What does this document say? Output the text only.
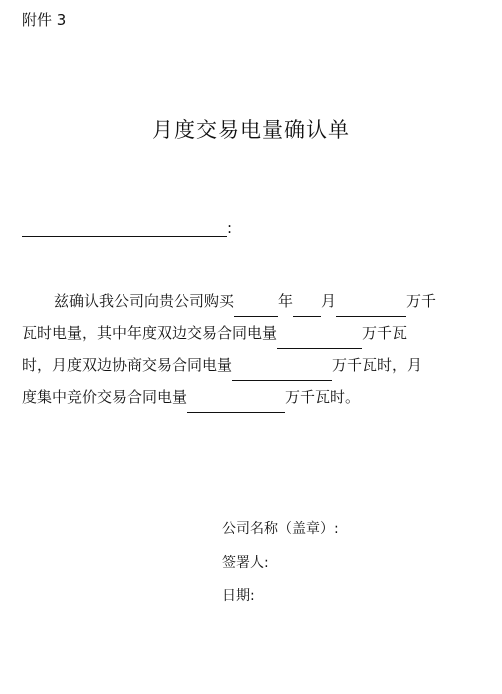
附件 3
月度交易电量确认单
:
兹确认我公司向贵公司购买	年 月	万千
瓦时电量，其中年度双边交易合同电量	万千瓦
时，月度双边协商交易合同电量	万千瓦时，月
度集中竞价交易合同电量	万千瓦时。
公司名称（盖章）:
签署人:
日期:
